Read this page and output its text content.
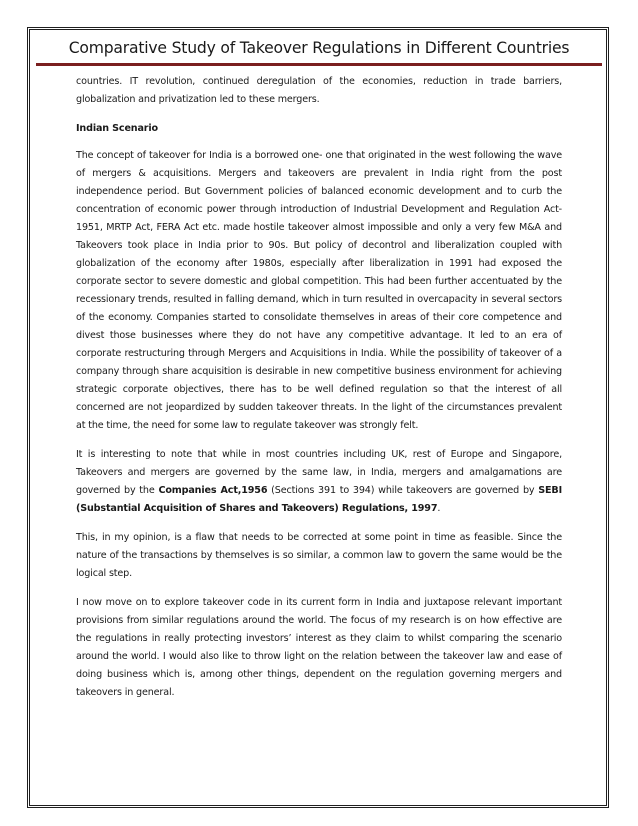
Comparative Study of Takeover Regulations in Different Countries

countries. IT revolution, continued deregulation of the economies, reduction in trade barriers, globalization and privatization led to these mergers.

Indian Scenario

The concept of takeover for India is a borrowed one- one that originated in the west following the wave of mergers & acquisitions. Mergers and takeovers are prevalent in India right from the post independence period. But Government policies of balanced economic development and to curb the concentration of economic power through introduction of Industrial Development and Regulation Act-1951, MRTP Act, FERA Act etc. made hostile takeover almost impossible and only a very few M&A and Takeovers took place in India prior to 90s. But policy of decontrol and liberalization coupled with globalization of the economy after 1980s, especially after liberalization in 1991 had exposed the corporate sector to severe domestic and global competition. This had been further accentuated by the recessionary trends, resulted in falling demand, which in turn resulted in overcapacity in several sectors of the economy. Companies started to consolidate themselves in areas of their core competence and divest those businesses where they do not have any competitive advantage. It led to an era of corporate restructuring through Mergers and Acquisitions in India. While the possibility of takeover of a company through share acquisition is desirable in new competitive business environment for achieving strategic corporate objectives, there has to be well defined regulation so that the interest of all concerned are not jeopardized by sudden takeover threats. In the light of the circumstances prevalent at the time, the need for some law to regulate takeover was strongly felt.

It is interesting to note that while in most countries including UK, rest of Europe and Singapore, Takeovers and mergers are governed by the same law, in India, mergers and amalgamations are governed by the Companies Act,1956 (Sections 391 to 394) while takeovers are governed by SEBI (Substantial Acquisition of Shares and Takeovers) Regulations, 1997.

This, in my opinion, is a flaw that needs to be corrected at some point in time as feasible. Since the nature of the transactions by themselves is so similar, a common law to govern the same would be the logical step.

I now move on to explore takeover code in its current form in India and juxtapose relevant important provisions from similar regulations around the world. The focus of my research is on how effective are the regulations in really protecting investors’ interest as they claim to whilst comparing the scenario around the world. I would also like to throw light on the relation between the takeover law and ease of doing business which is, among other things, dependent on the regulation governing mergers and takeovers in general.
